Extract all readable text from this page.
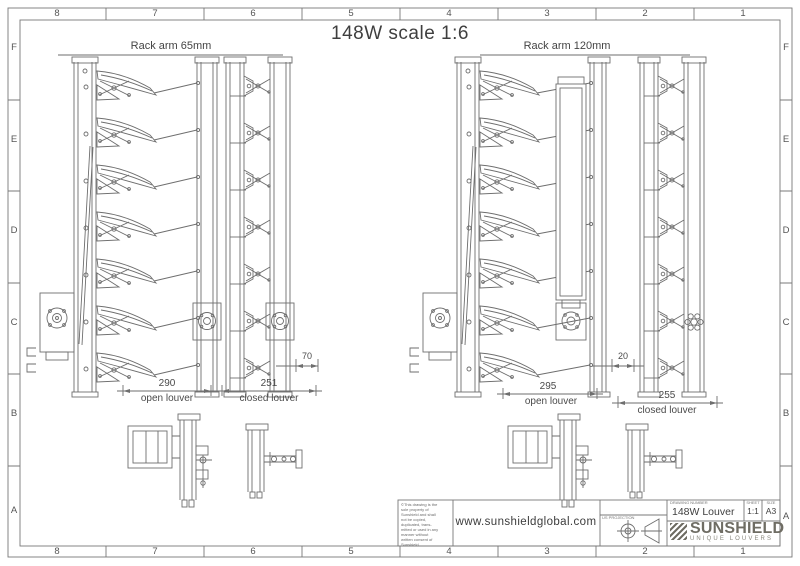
148W scale 1:6
Rack arm 65mm	Rack arm 120mm
8	7	6	5	4	3	2	1
8	7	6	5	4	3	2	1
F
E
D
C
B
A
F
E
D
C
B
A
290
open louver
251
closed louver
70
295
open louver
255
closed louver
20
©This drawing is the
sole property of
Sunshield and shall
not be copied,
duplicated, trans-
mitted or used in any
manner without
written consent of
Sunshield
www.sunshieldglobal.com US PROJECTION
DRAWING NUMBER
148W Louver
SHEET
1:1
SIZE
A3
SUNSHIELD
UNIQUE LOUVERS
